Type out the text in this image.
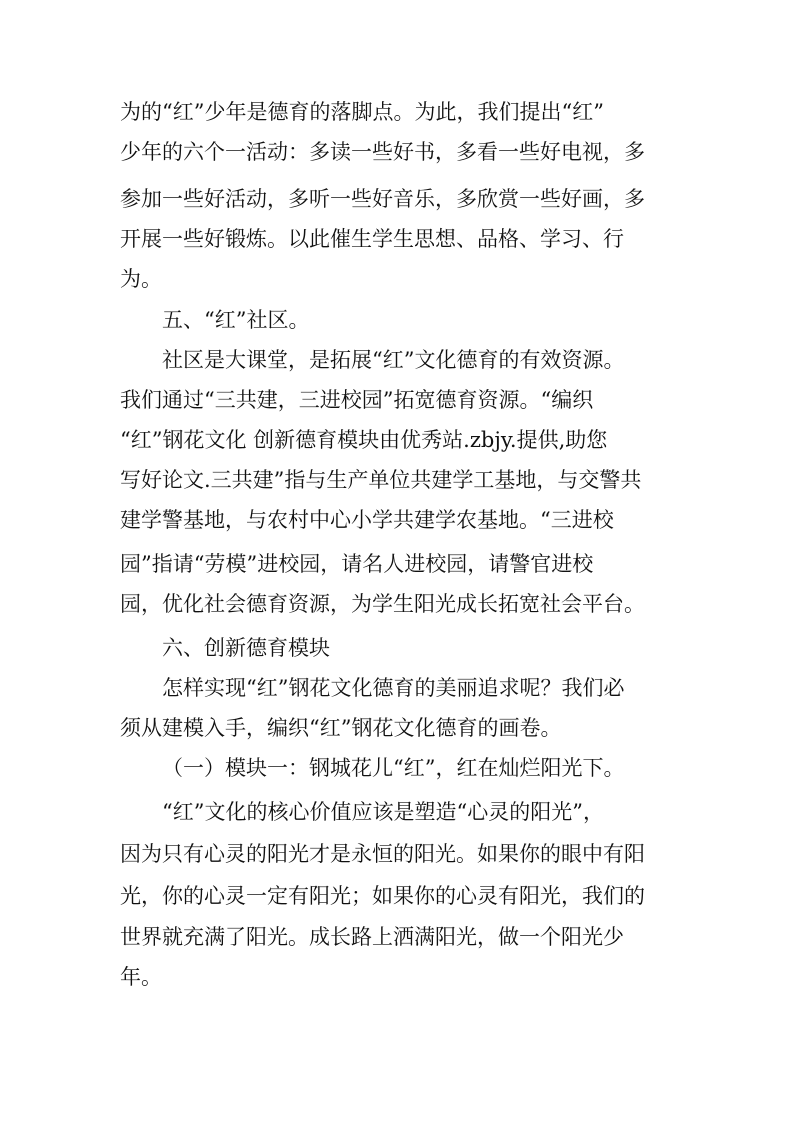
为的“红”少年是德育的落脚点。为此，我们提出“红”

少年的六个一活动：多读一些好书，多看一些好电视，多

参加一些好活动，多听一些好音乐，多欣赏一些好画，多

开展一些好锻炼。以此催生学生思想、品格、学习、行

为。

五、“红”社区。

社区是大课堂，是拓展“红”文化德育的有效资源。

我们通过“三共建，三进校园”拓宽德育资源。“编织

“红”钢花文化 创新德育模块由优秀站.zbjy.提供,助您

写好论文.三共建”指与生产单位共建学工基地，与交警共

建学警基地，与农村中心小学共建学农基地。“三进校

园”指请“劳模”进校园，请名人进校园，请警官进校

园，优化社会德育资源，为学生阳光成长拓宽社会平台。

六、创新德育模块

怎样实现“红”钢花文化德育的美丽追求呢？我们必

须从建模入手，编织“红”钢花文化德育的画卷。

（一）模块一：钢城花儿“红”，红在灿烂阳光下。

“红”文化的核心价值应该是塑造“心灵的阳光”，

因为只有心灵的阳光才是永恒的阳光。如果你的眼中有阳

光，你的心灵一定有阳光；如果你的心灵有阳光，我们的

世界就充满了阳光。成长路上洒满阳光，做一个阳光少

年。
